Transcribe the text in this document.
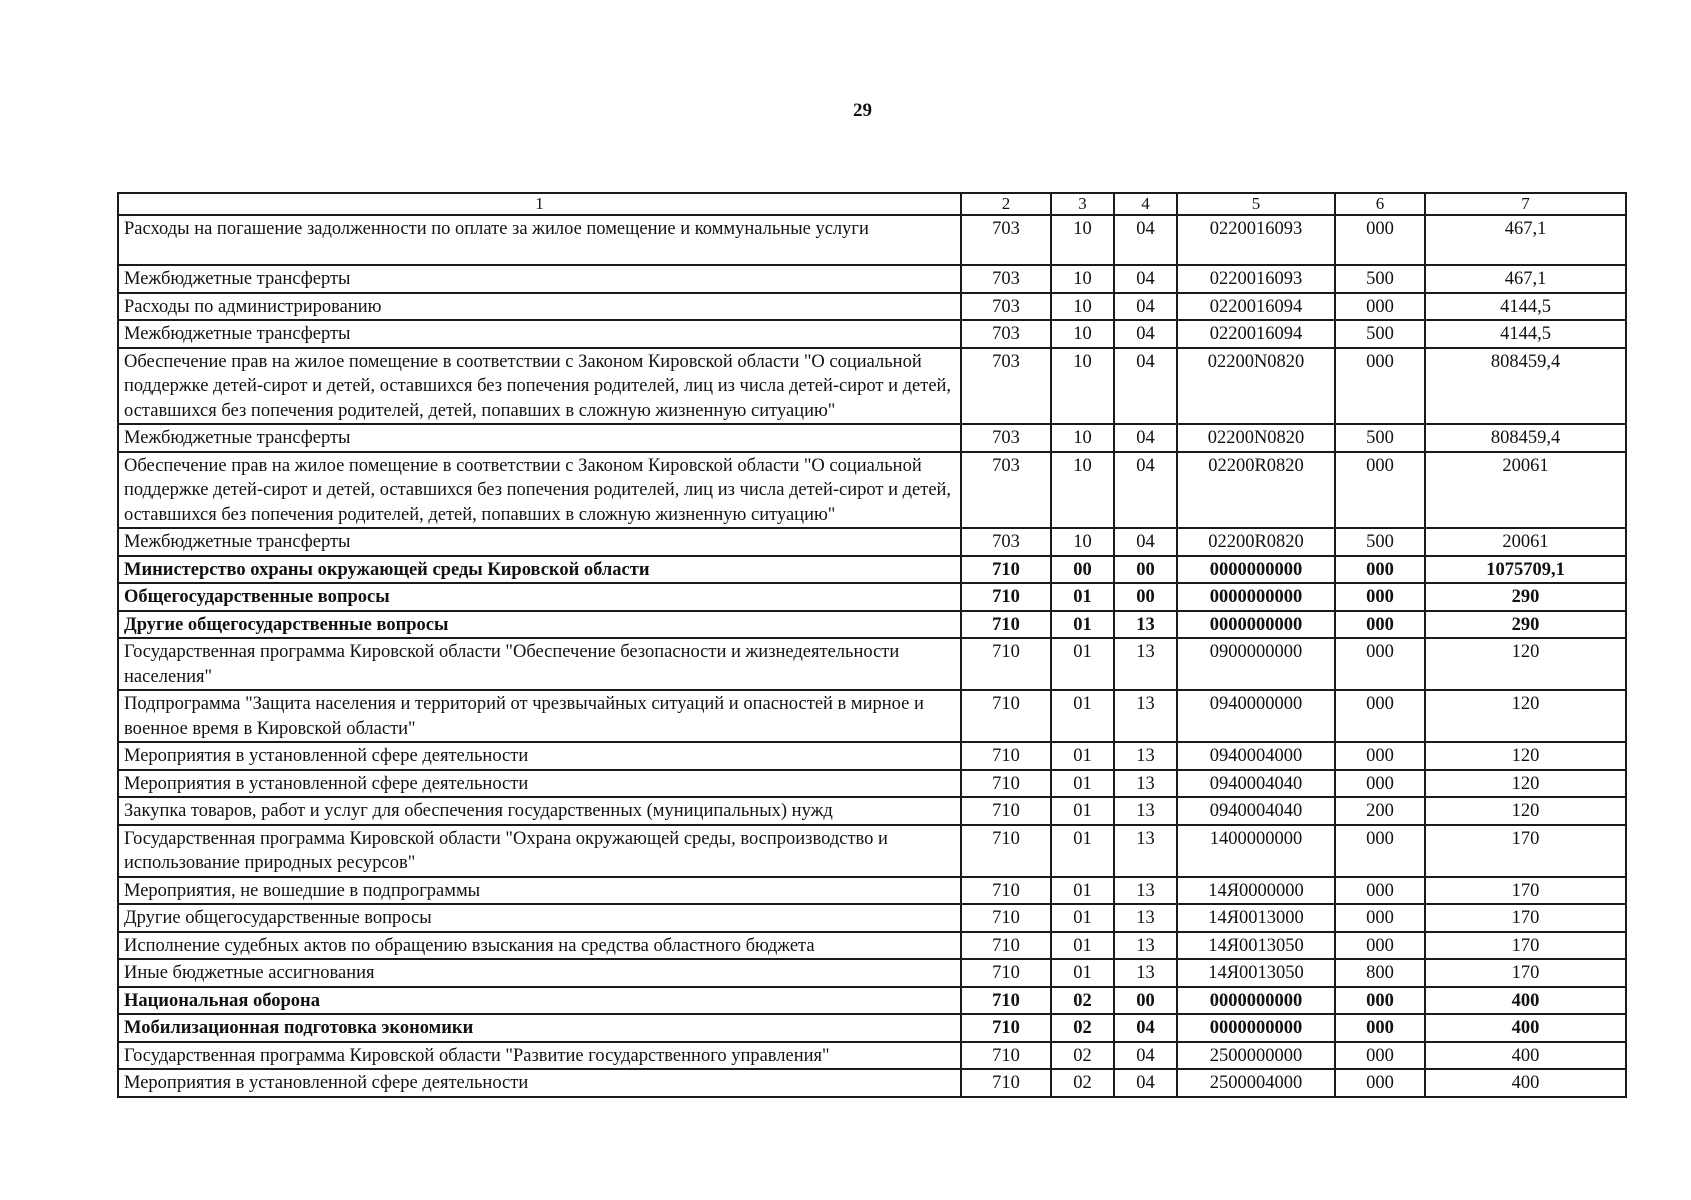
29
1	2	3	4	5	6	7
Расходы на погашение задолженности по оплате за жилое помещение и коммунальные услуги	703	10	04	0220016093	000	467,1
Межбюджетные трансферты	703	10	04	0220016093	500	467,1
Расходы по администрированию	703	10	04	0220016094	000	4144,5
Межбюджетные трансферты	703	10	04	0220016094	500	4144,5
Обеспечение прав на жилое помещение в соответствии с Законом Кировской области "О социальной поддержке детей-сирот и детей, оставшихся без попечения родителей, лиц из числа детей-сирот и детей, оставшихся без попечения родителей, детей, попавших в сложную жизненную ситуацию"	703	10	04	02200N0820	000	808459,4
Межбюджетные трансферты	703	10	04	02200N0820	500	808459,4
Обеспечение прав на жилое помещение в соответствии с Законом Кировской области "О социальной поддержке детей-сирот и детей, оставшихся без попечения родителей, лиц из числа детей-сирот и детей, оставшихся без попечения родителей, детей, попавших в сложную жизненную ситуацию"	703	10	04	02200R0820	000	20061
Межбюджетные трансферты	703	10	04	02200R0820	500	20061
Министерство охраны окружающей среды Кировской области	710	00	00	0000000000	000	1075709,1
Общегосударственные вопросы	710	01	00	0000000000	000	290
Другие общегосударственные вопросы	710	01	13	0000000000	000	290
Государственная программа Кировской области "Обеспечение безопасности и жизнедеятельности населения"	710	01	13	0900000000	000	120
Подпрограмма "Защита населения и территорий от чрезвычайных ситуаций и опасностей в мирное и военное время в Кировской области"	710	01	13	0940000000	000	120
Мероприятия в установленной сфере деятельности	710	01	13	0940004000	000	120
Мероприятия в установленной сфере деятельности	710	01	13	0940004040	000	120
Закупка товаров, работ и услуг для обеспечения государственных (муниципальных) нужд	710	01	13	0940004040	200	120
Государственная программа Кировской области "Охрана окружающей среды, воспроизводство и использование природных ресурсов"	710	01	13	1400000000	000	170
Мероприятия, не вошедшие в подпрограммы	710	01	13	14Я0000000	000	170
Другие общегосударственные вопросы	710	01	13	14Я0013000	000	170
Исполнение судебных актов по обращению взыскания на средства областного бюджета	710	01	13	14Я0013050	000	170
Иные бюджетные ассигнования	710	01	13	14Я0013050	800	170
Национальная оборона	710	02	00	0000000000	000	400
Мобилизационная подготовка экономики	710	02	04	0000000000	000	400
Государственная программа Кировской области "Развитие государственного управления"	710	02	04	2500000000	000	400
Мероприятия в установленной сфере деятельности	710	02	04	2500004000	000	400
